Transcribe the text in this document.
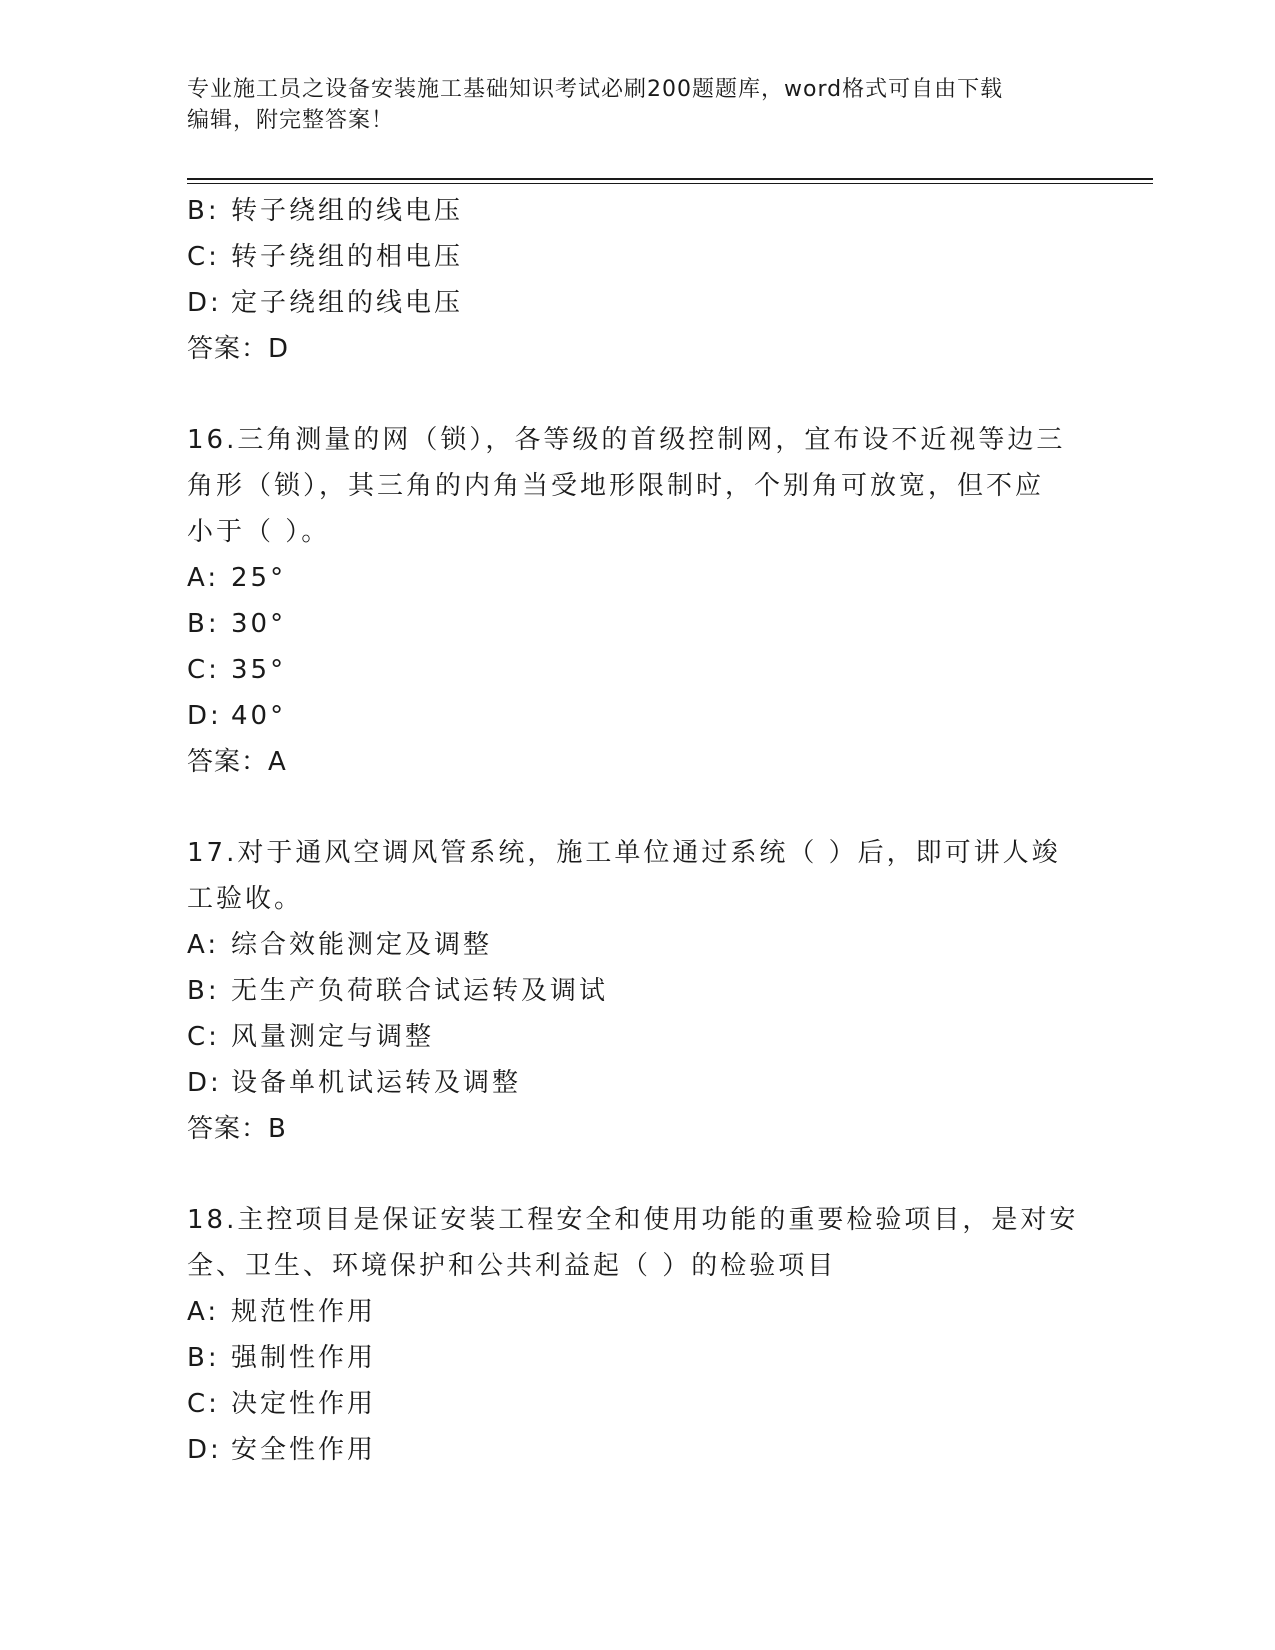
专业施工员之设备安装施工基础知识考试必刷200题题库，word格式可自由下载
编辑，附完整答案！
B: 转子绕组的线电压
C: 转子绕组的相电压
D: 定子绕组的线电压
答案：D
16.三角测量的网（锁），各等级的首级控制网，宜布设不近视等边三
角形（锁），其三角的内角当受地形限制时，个别角可放宽，但不应
小于（ ）。
A: 25°
B: 30°
C: 35°
D: 40°
答案：A
17.对于通风空调风管系统，施工单位通过系统（ ）后，即可讲人竣
工验收。
A: 综合效能测定及调整
B: 无生产负荷联合试运转及调试
C: 风量测定与调整
D: 设备单机试运转及调整
答案：B
18.主控项目是保证安装工程安全和使用功能的重要检验项目，是对安
全、卫生、环境保护和公共利益起（ ）的检验项目
A: 规范性作用
B: 强制性作用
C: 决定性作用
D: 安全性作用
